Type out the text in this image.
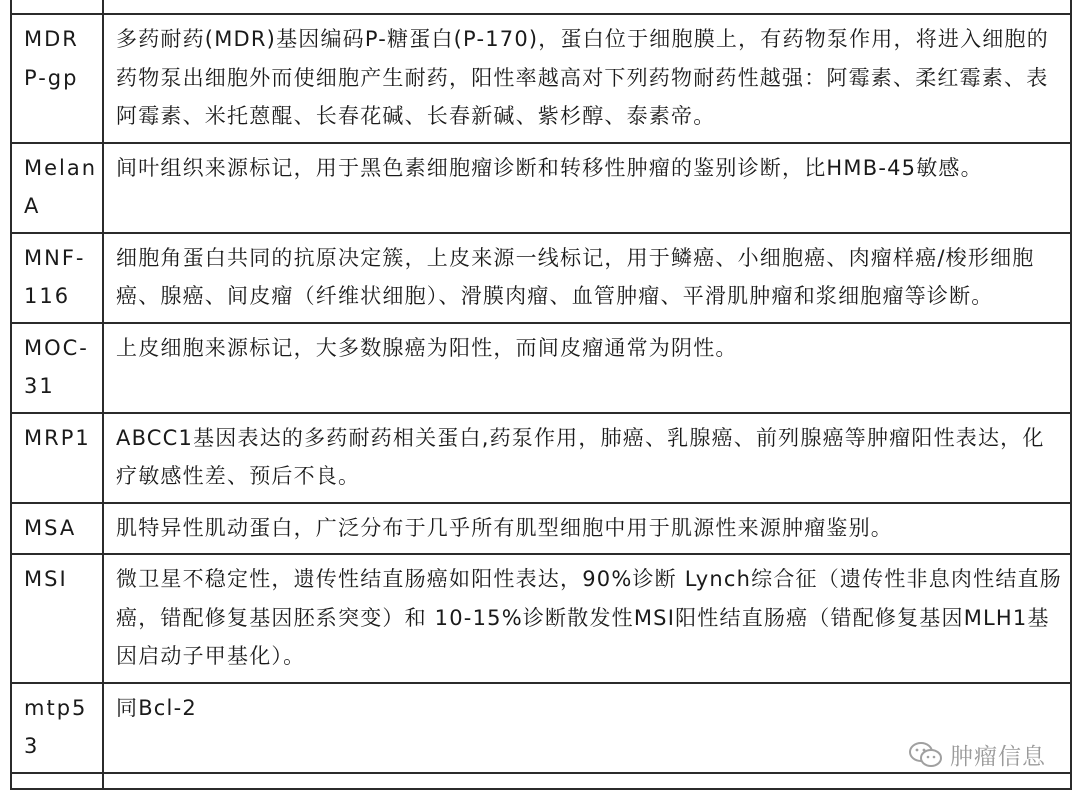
MDR P-gp	多药耐药(MDR)基因编码P-糖蛋白(P-170)，蛋白位于细胞膜上，有药物泵作用，将进入细胞的药物泵出细胞外而使细胞产生耐药，阳性率越高对下列药物耐药性越强：阿霉素、柔红霉素、表阿霉素、米托蒽醌、长春花碱、长春新碱、紫杉醇、泰素帝。
Melan A	间叶组织来源标记，用于黑色素细胞瘤诊断和转移性肿瘤的鉴别诊断，比HMB-45敏感。
MNF-116	细胞角蛋白共同的抗原决定簇，上皮来源一线标记，用于鳞癌、小细胞癌、肉瘤样癌/梭形细胞癌、腺癌、间皮瘤（纤维状细胞）、滑膜肉瘤、血管肿瘤、平滑肌肿瘤和浆细胞瘤等诊断。
MOC-31	上皮细胞来源标记，大多数腺癌为阳性，而间皮瘤通常为阴性。
MRP1	ABCC1基因表达的多药耐药相关蛋白,药泵作用，肺癌、乳腺癌、前列腺癌等肿瘤阳性表达，化疗敏感性差、预后不良。
MSA	肌特异性肌动蛋白，广泛分布于几乎所有肌型细胞中用于肌源性来源肿瘤鉴别。
MSI	微卫星不稳定性，遗传性结直肠癌如阳性表达，90%诊断 Lynch综合征（遗传性非息肉性结直肠癌，错配修复基因胚系突变）和 10-15%诊断散发性MSI阳性结直肠癌（错配修复基因MLH1基因启动子甲基化）。
mtp53	同Bcl-2

肿瘤信息
